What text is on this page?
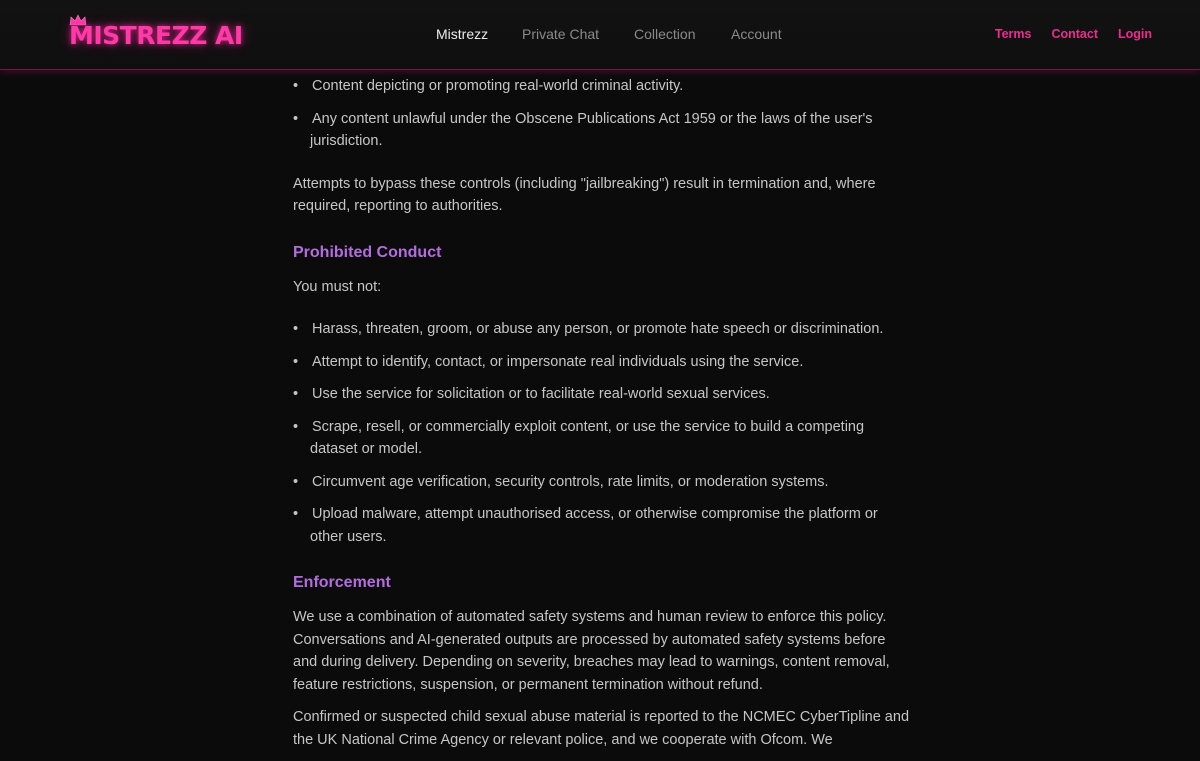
MISTREZZ AI	Mistrezz	Private Chat	Collection	Account	Terms Contact Login
• Content depicting or promoting real-world criminal activity.
• Any content unlawful under the Obscene Publications Act 1959 or the laws of the user's jurisdiction.

Attempts to bypass these controls (including "jailbreaking") result in termination and, where required, reporting to authorities.

Prohibited Conduct

You must not:

• Harass, threaten, groom, or abuse any person, or promote hate speech or discrimination.
• Attempt to identify, contact, or impersonate real individuals using the service.
• Use the service for solicitation or to facilitate real-world sexual services.
• Scrape, resell, or commercially exploit content, or use the service to build a competing dataset or model.
• Circumvent age verification, security controls, rate limits, or moderation systems.
• Upload malware, attempt unauthorised access, or otherwise compromise the platform or other users.
Enforcement

We use a combination of automated safety systems and human review to enforce this policy. Conversations and AI-generated outputs are processed by automated safety systems before and during delivery. Depending on severity, breaches may lead to warnings, content removal, feature restrictions, suspension, or permanent termination without refund.

Confirmed or suspected child sexual abuse material is reported to the NCMEC CyberTipline and the UK National Crime Agency or relevant police, and we cooperate with Ofcom. We
